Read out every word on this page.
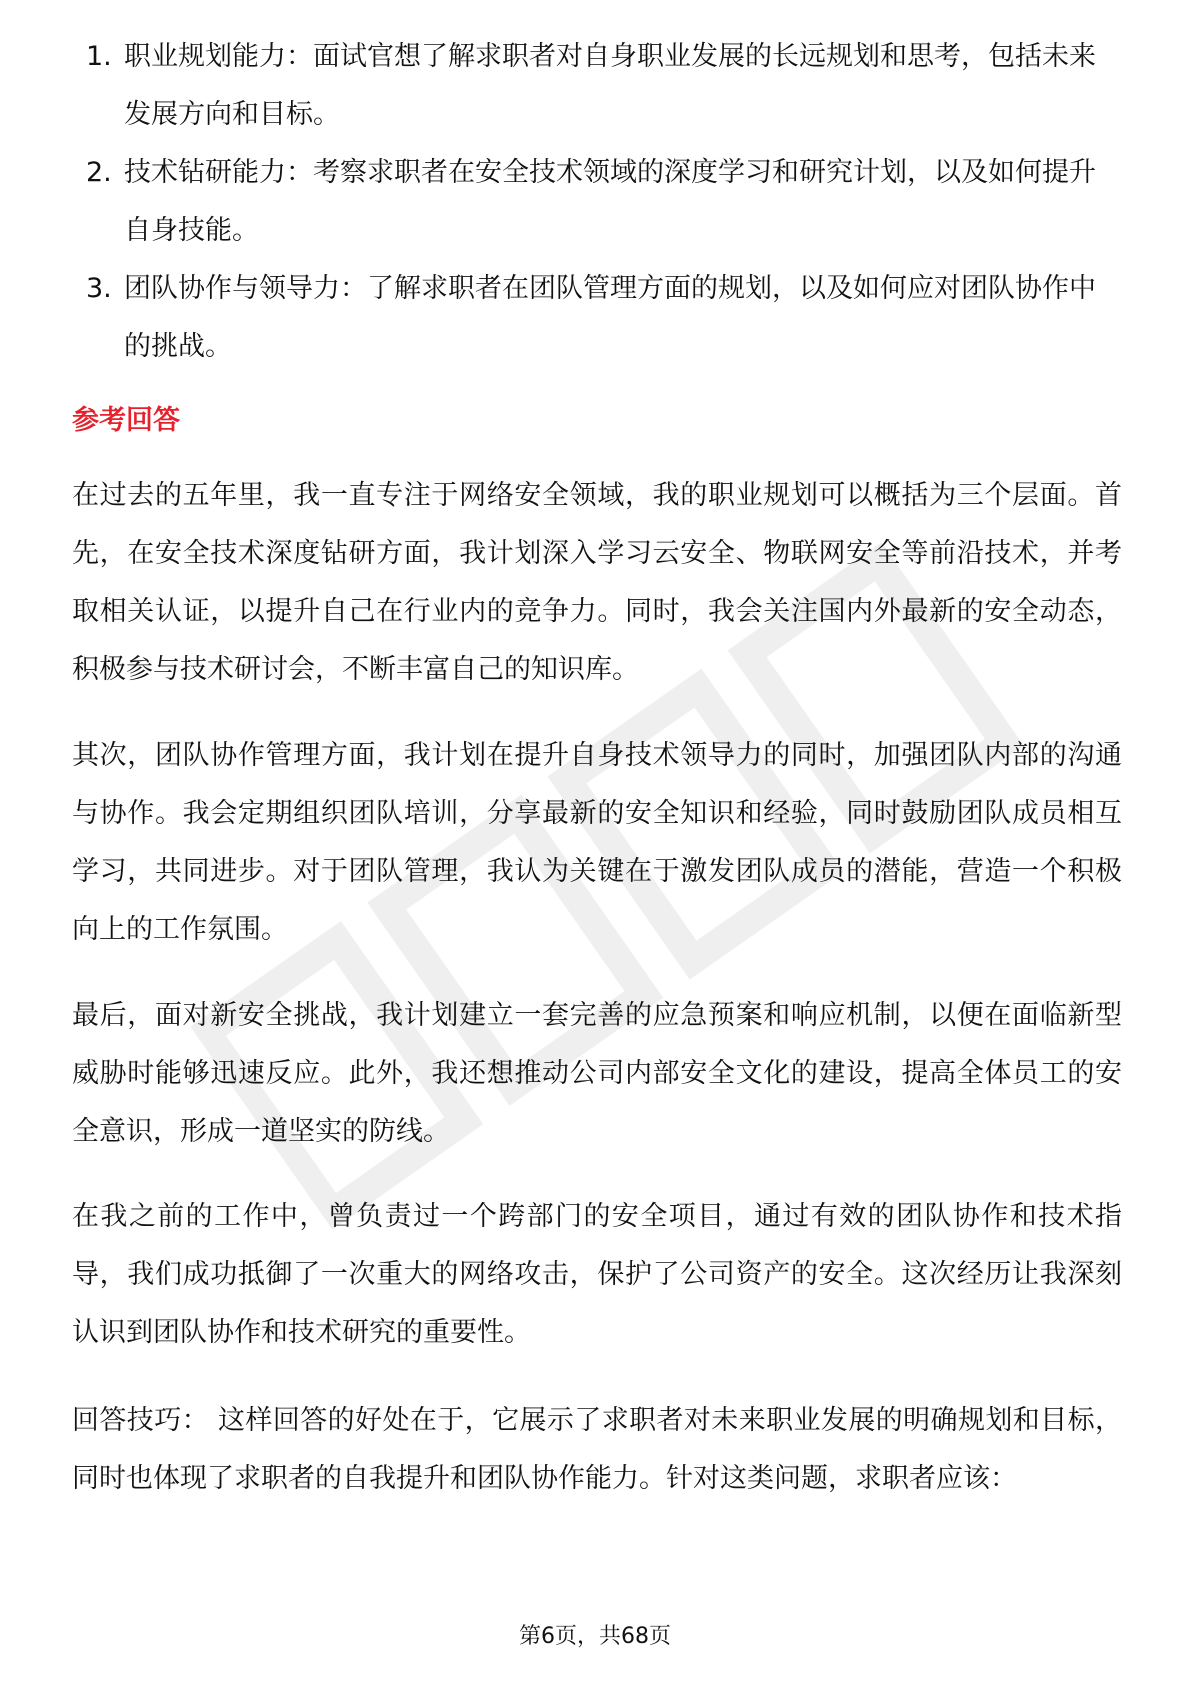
1. 职业规划能力：面试官想了解求职者对自身职业发展的长远规划和思考，包括未来发展方向和目标。
2. 技术钻研能力：考察求职者在安全技术领域的深度学习和研究计划，以及如何提升自身技能。
3. 团队协作与领导力：了解求职者在团队管理方面的规划，以及如何应对团队协作中的挑战。
参考回答
在过去的五年里，我一直专注于网络安全领域，我的职业规划可以概括为三个层面。首先，在安全技术深度钻研方面，我计划深入学习云安全、物联网安全等前沿技术，并考取相关认证，以提升自己在行业内的竞争力。同时，我会关注国内外最新的安全动态，积极参与技术研讨会，不断丰富自己的知识库。
其次，团队协作管理方面，我计划在提升自身技术领导力的同时，加强团队内部的沟通与协作。我会定期组织团队培训，分享最新的安全知识和经验，同时鼓励团队成员相互学习，共同进步。对于团队管理，我认为关键在于激发团队成员的潜能，营造一个积极向上的工作氛围。
最后，面对新安全挑战，我计划建立一套完善的应急预案和响应机制，以便在面临新型威胁时能够迅速反应。此外，我还想推动公司内部安全文化的建设，提高全体员工的安全意识，形成一道坚实的防线。
在我之前的工作中，曾负责过一个跨部门的安全项目，通过有效的团队协作和技术指导，我们成功抵御了一次重大的网络攻击，保护了公司资产的安全。这次经历让我深刻认识到团队协作和技术研究的重要性。
回答技巧： 这样回答的好处在于，它展示了求职者对未来职业发展的明确规划和目标，同时也体现了求职者的自我提升和团队协作能力。针对这类问题，求职者应该：
第6页，共68页
